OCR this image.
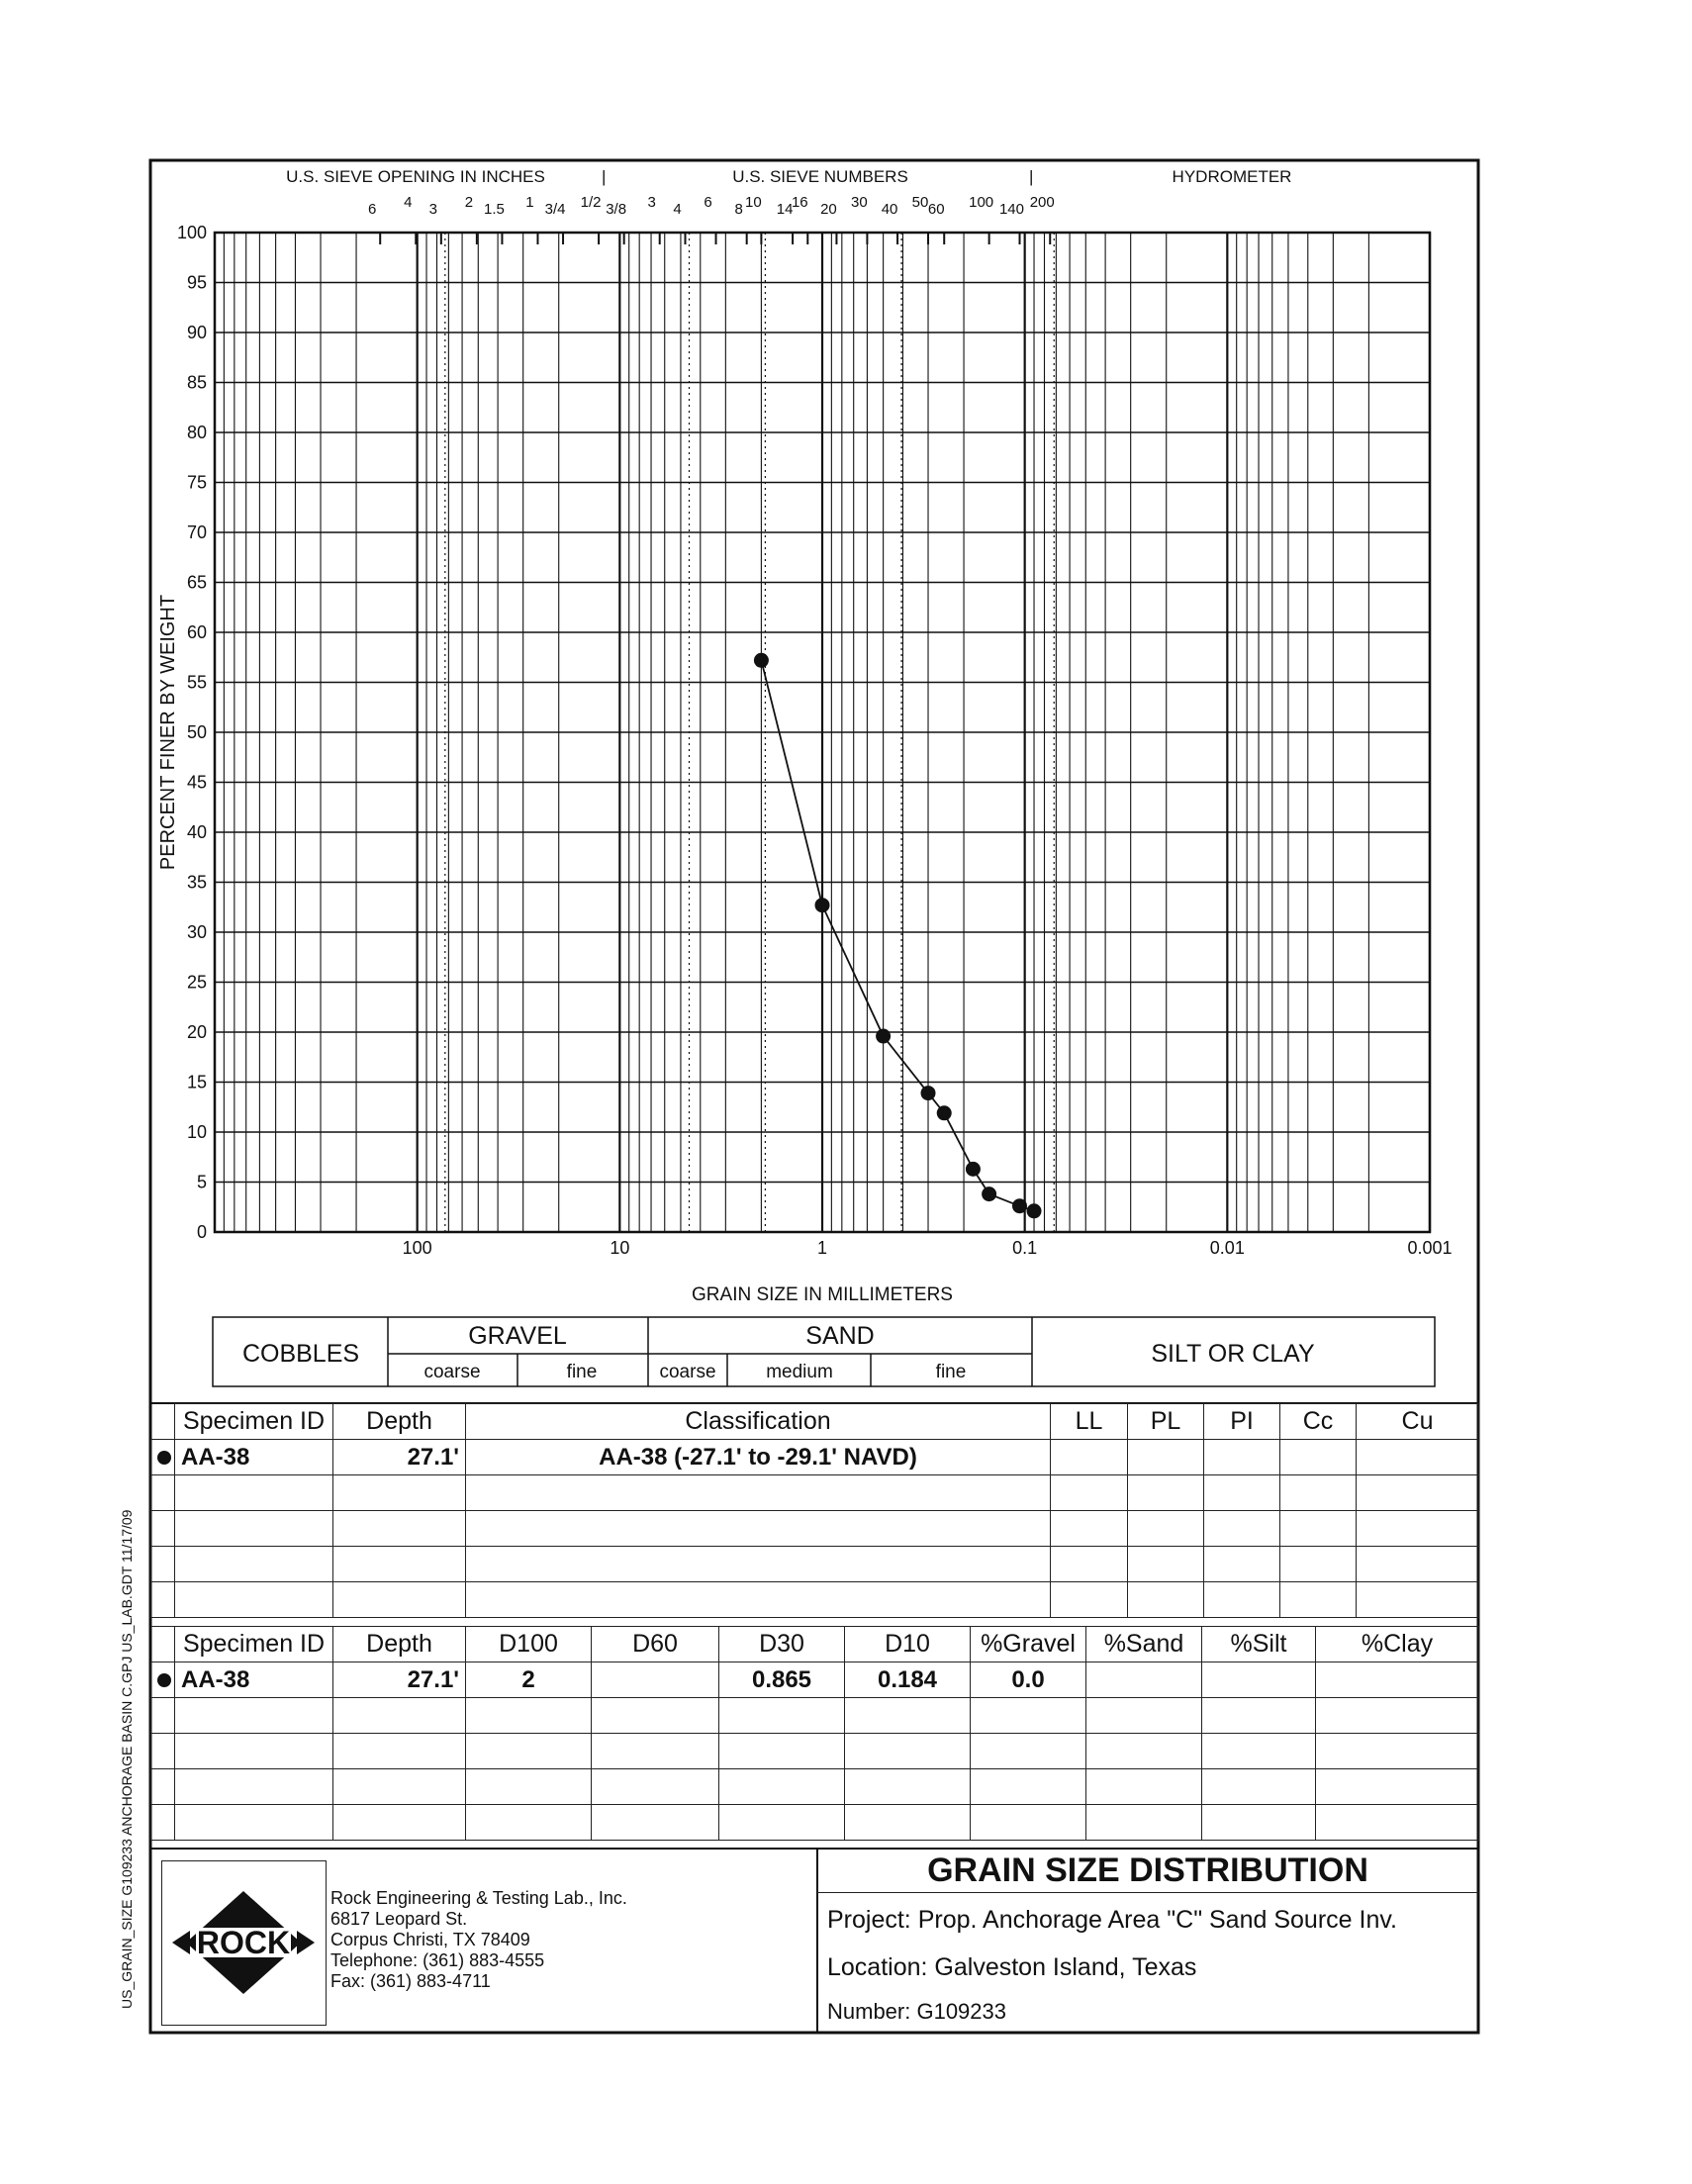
0
5
10
15
20
25
30
35
40
45
50
55
60
65
70
75
80
85
90
95
100
100	10	1	0.1	0.01	0.001
6 4 3 2 1.5 1 3/4 1/2 3/8 3 4 6 8 10 14
16 20 30 40 50 60 100 140 200
U.S. SIEVE OPENING IN INCHES	|	U.S. SIEVE NUMBERS	|	HYDROMETER
PERCENT FINER BY WEIGHT
GRAIN SIZE IN MILLIMETERS
COBBLES
GRAVEL	SAND
SILT OR CLAY
coarse	fine	coarse	medium	fine
	Specimen ID	Depth	Classification	LL	PL	PI	Cc	Cu
	AA-38	27.1'	AA-38 (-27.1' to -29.1' NAVD)					

	Specimen ID	Depth	D100	D60	D30	D10	%Gravel	%Sand	%Silt	%Clay
	AA-38	27.1'	2		0.865	0.184	0.0			

ROCK
Rock Engineering & Testing Lab., Inc.
6817 Leopard St.
Corpus Christi, TX 78409
Telephone: (361) 883-4555
Fax: (361) 883-4711
GRAIN SIZE DISTRIBUTION
Project: Prop. Anchorage Area "C" Sand Source Inv.
Location: Galveston Island, Texas
Number: G109233
US_GRAIN_SIZE G109233 ANCHORAGE BASIN C.GPJ US_LAB.GDT 11/17/09
